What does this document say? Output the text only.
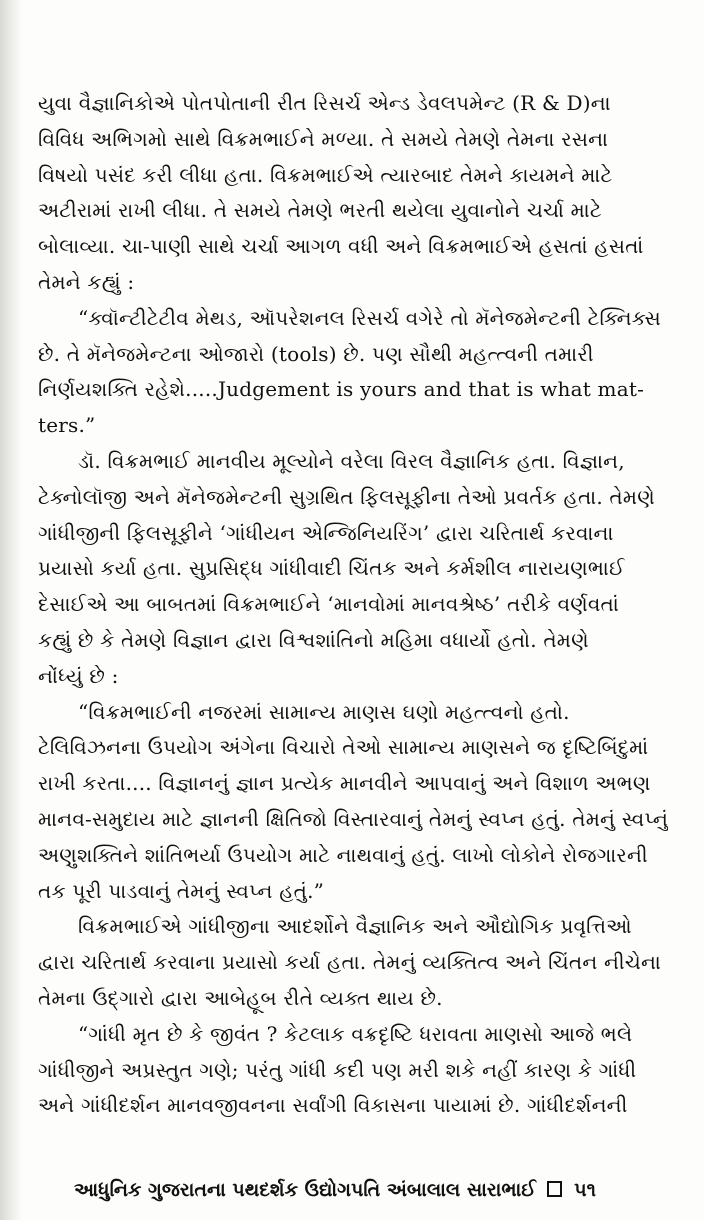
યુવા વૈજ્ઞાનિકોએ પોતપોતાની રીત રિસર્ચ એન્ડ ડેવલપમેન્ટ (R & D)ના
વિવિધ અભિગમો સાથે વિક્રમભાઈને મળ્યા. તે સમયે તેમણે તેમના રસના
વિષયો પસંદ કરી લીધા હતા. વિક્રમભાઈએ ત્યારબાદ તેમને કાયમને માટે
અટીરામાં રાખી લીધા. તે સમયે તેમણે ભરતી થયેલા યુવાનોને ચર્ચા માટે
બોલાવ્યા. ચા-પાણી સાથે ચર્ચા આગળ વધી અને વિક્રમભાઈએ હસતાં હસતાં
તેમને કહ્યું :
“ક્વૉન્ટીટેટીવ મેથડ, ઑપરેશનલ રિસર્ચ વગેરે તો મૅનેજમેન્ટની ટેક્નિક્સ
છે. તે મૅનેજમેન્ટના ઓજારો (tools) છે. પણ સૌથી મહત્ત્વની તમારી
નિર્ણયશક્તિ રહેશે.....Judgement is yours and that is what mat-
ters.”
ડૉ. વિક્રમભાઈ માનવીય મૂલ્યોને વરેલા વિરલ વૈજ્ઞાનિક હતા. વિજ્ઞાન,
ટેક્નોલૉજી અને મૅનેજમેન્ટની સુગ્રથિત ફિલસૂફીના તેઓ પ્રવર્તક હતા. તેમણે
ગાંધીજીની ફિલસૂફીને ‘ગાંધીયન એન્જિનિયરિંગ’ દ્વારા ચરિતાર્થ કરવાના
પ્રયાસો કર્યા હતા. સુપ્રસિદ્ધ ગાંધીવાદી ચિંતક અને કર્મશીલ નારાયણભાઈ
દેસાઈએ આ બાબતમાં વિક્રમભાઈને ‘માનવોમાં માનવશ્રેષ્ઠ’ તરીકે વર્ણવતાં
કહ્યું છે કે તેમણે વિજ્ઞાન દ્વારા વિશ્વશાંતિનો મહિમા વધાર્યો હતો. તેમણે
નોંધ્યું છે :
“વિક્રમભાઈની નજરમાં સામાન્ય માણસ ઘણો મહત્ત્વનો હતો.
ટેલિવિઝનના ઉપયોગ અંગેના વિચારો તેઓ સામાન્ય માણસને જ દૃષ્ટિબિંદુમાં
રાખી કરતા.... વિજ્ઞાનનું જ્ઞાન પ્રત્યેક માનવીને આપવાનું અને વિશાળ અભણ
માનવ-સમુદાય માટે જ્ઞાનની ક્ષિતિજો વિસ્તારવાનું તેમનું સ્વપ્ન હતું. તેમનું સ્વપ્નું
અણુશક્તિને શાંતિભર્યા ઉપયોગ માટે નાથવાનું હતું. લાખો લોકોને રોજગારની
તક પૂરી પાડવાનું તેમનું સ્વપ્ન હતું.”
વિક્રમભાઈએ ગાંધીજીના આદર્શોને વૈજ્ઞાનિક અને ઔદ્યોગિક પ્રવૃત્તિઓ
દ્વારા ચરિતાર્થ કરવાના પ્રયાસો કર્યા હતા. તેમનું વ્યક્તિત્વ અને ચિંતન નીચેના
તેમના ઉદ્ગારો દ્વારા આબેહૂબ રીતે વ્યક્ત થાય છે.
“ગાંધી મૃત છે કે જીવંત ? કેટલાક વક્રદૃષ્ટિ ધરાવતા માણસો આજે ભલે
ગાંધીજીને અપ્રસ્તુત ગણે; પરંતુ ગાંધી કદી પણ મરી શકે નહીં કારણ કે ગાંધી
અને ગાંધીદર્શન માનવજીવનના સર્વાંગી વિકાસના પાયામાં છે. ગાંધીદર્શનની
આધુનિક ગુજરાતના પથદર્શક ઉદ્યોગપતિ અંબાલાલ સારાભાઈ ૫૧
